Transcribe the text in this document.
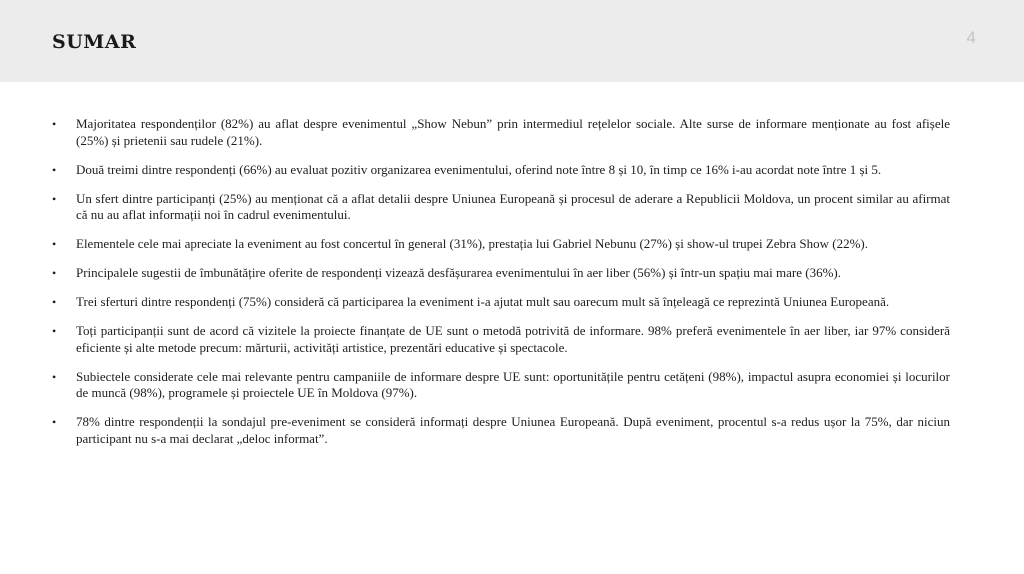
SUMAR	4
• Majoritatea respondenților (82%) au aflat despre evenimentul „Show Nebun” prin intermediul rețelelor sociale. Alte surse de informare menționate au fost afișele (25%) și prietenii sau rudele (21%).
• Două treimi dintre respondenți (66%) au evaluat pozitiv organizarea evenimentului, oferind note între 8 și 10, în timp ce 16% i-au acordat note între 1 și 5.
• Un sfert dintre participanți (25%) au menționat că a aflat detalii despre Uniunea Europeană și procesul de aderare a Republicii Moldova, un procent similar au afirmat că nu au aflat informații noi în cadrul evenimentului.
• Elementele cele mai apreciate la eveniment au fost concertul în general (31%), prestația lui Gabriel Nebunu (27%) și show-ul trupei Zebra Show (22%).
• Principalele sugestii de îmbunătățire oferite de respondenți vizează desfășurarea evenimentului în aer liber (56%) și într-un spațiu mai mare (36%).
• Trei sferturi dintre respondenți (75%) consideră că participarea la eveniment i-a ajutat mult sau oarecum mult să înțeleagă ce reprezintă Uniunea Europeană.
• Toți participanții sunt de acord că vizitele la proiecte finanțate de UE sunt o metodă potrivită de informare. 98% preferă evenimentele în aer liber, iar 97% consideră eficiente și alte metode precum: mărturii, activități artistice, prezentări educative și spectacole.
• Subiectele considerate cele mai relevante pentru campaniile de informare despre UE sunt: oportunitățile pentru cetățeni (98%), impactul asupra economiei și locurilor de muncă (98%), programele și proiectele UE în Moldova (97%).
• 78% dintre respondenții la sondajul pre-eveniment se consideră informați despre Uniunea Europeană. După eveniment, procentul s-a redus ușor la 75%, dar niciun participant nu s-a mai declarat „deloc informat”.
